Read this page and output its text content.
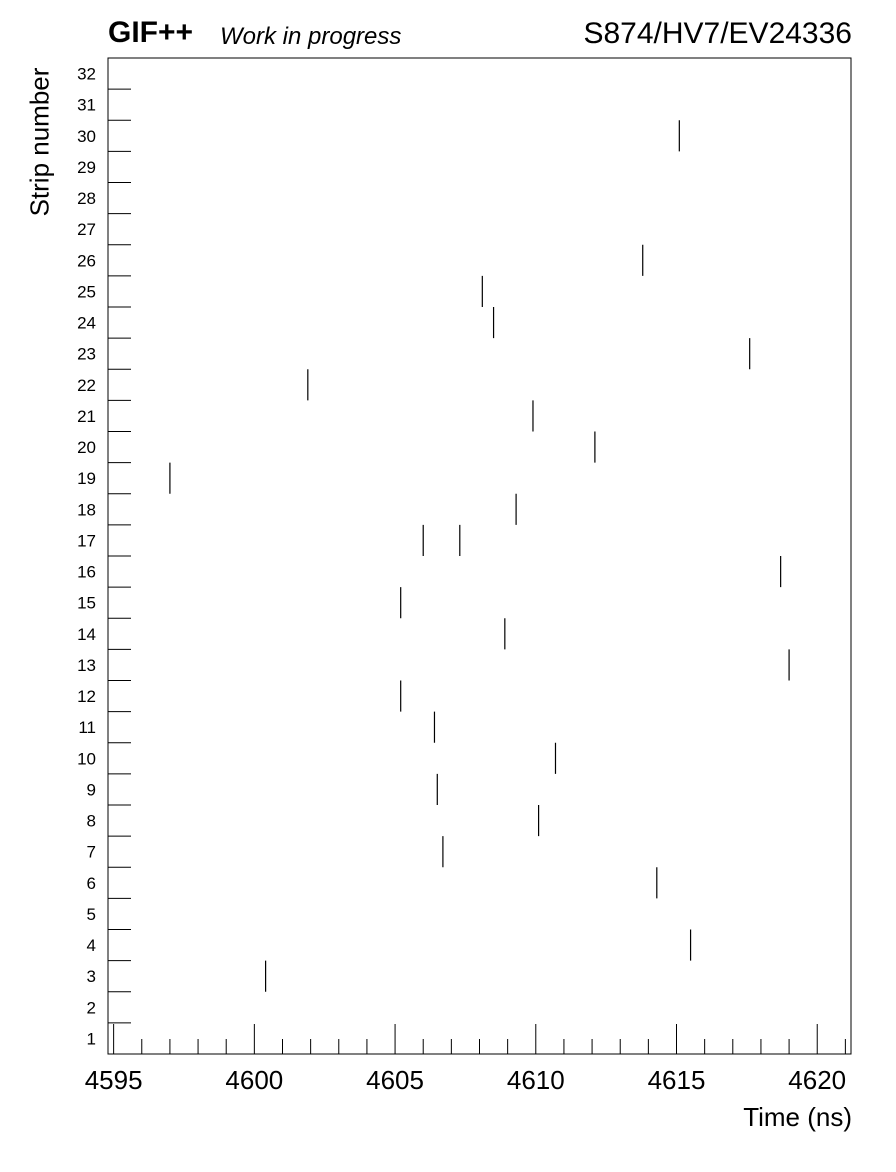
GIF++ Work in progress	S874/HV7/EV24336
4595	4600	4605	4610	4615	4620
1
2
3
4
5
6
7
8
9
10
11
12
13
14
15
16
17
18
19
20
21
22
23
24
25
26
27
28
29
30
31
32
Time (ns)
Strip number
